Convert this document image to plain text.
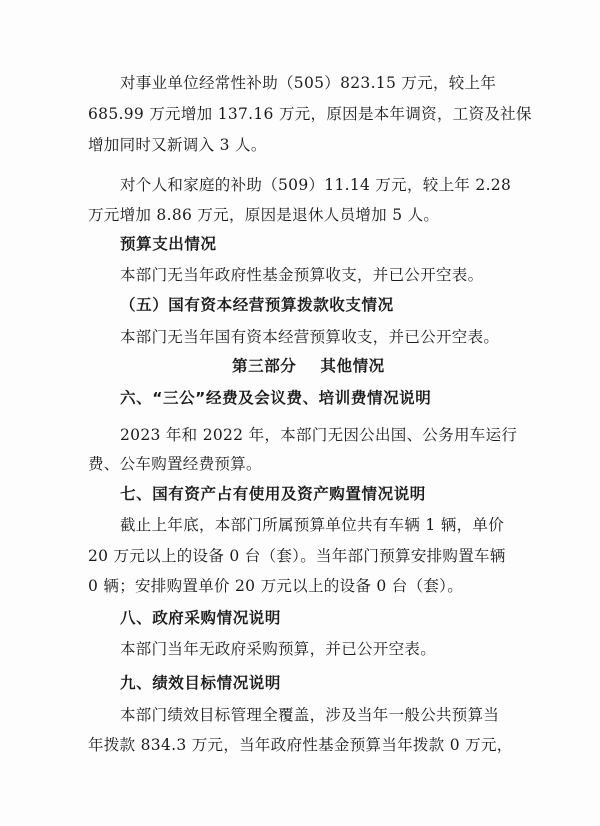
对事业单位经常性补助（505）823.15 万元，较上年
685.99 万元增加 137.16 万元，原因是本年调资，工资及社保
增加同时又新调入 3 人。
对个人和家庭的补助（509）11.14 万元，较上年 2.28
万元增加 8.86 万元，原因是退休人员增加 5 人。
预算支出情况
本部门无当年政府性基金预算收支，并已公开空表。
（五）国有资本经营预算拨款收支情况
本部门无当年国有资本经营预算收支，并已公开空表。
第三部分    其他情况
六、“三公”经费及会议费、培训费情况说明
2023 年和 2022 年，本部门无因公出国、公务用车运行
费、公车购置经费预算。
七、国有资产占有使用及资产购置情况说明
截止上年底，本部门所属预算单位共有车辆 1 辆，单价
20 万元以上的设备 0 台（套）。当年部门预算安排购置车辆
0 辆；安排购置单价 20 万元以上的设备 0 台（套）。
八、政府采购情况说明
本部门当年无政府采购预算，并已公开空表。
九、绩效目标情况说明
本部门绩效目标管理全覆盖，涉及当年一般公共预算当
年拨款 834.3 万元，当年政府性基金预算当年拨款 0 万元，
